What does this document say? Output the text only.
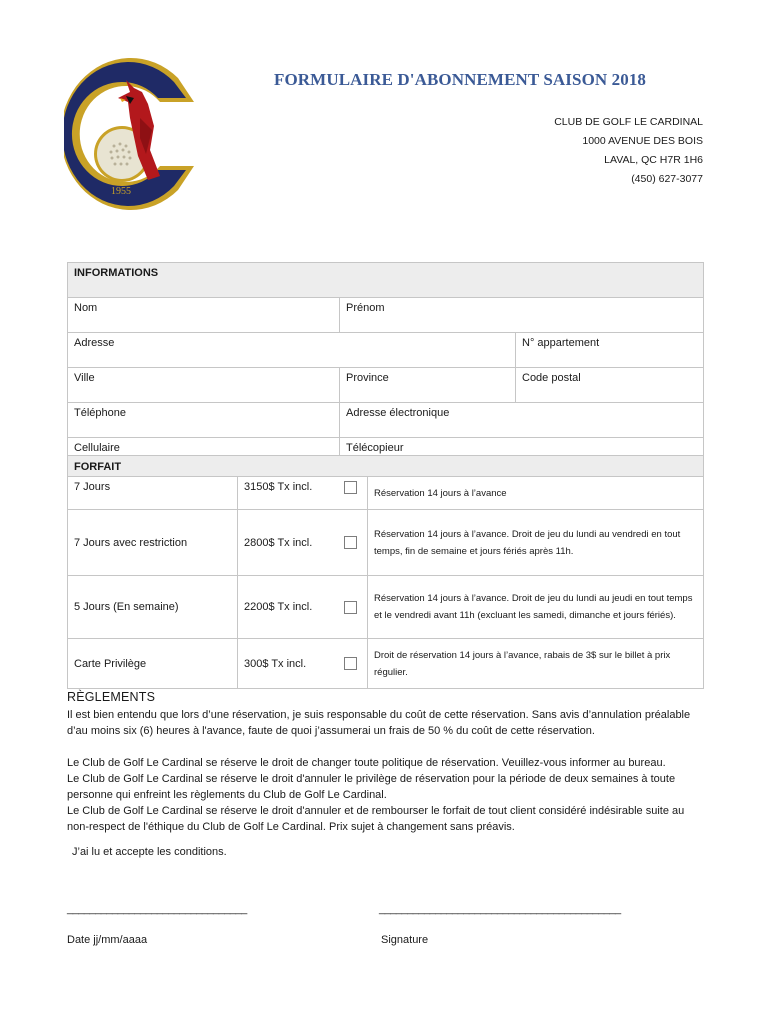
1955
FORMULAIRE D'ABONNEMENT SAISON 2018
CLUB DE GOLF LE CARDINAL
1000 AVENUE DES BOIS
LAVAL, QC H7R 1H6
(450) 627-3077
INFORMATIONS		
Nom	Prénom	
Adresse		N° appartement
Ville	Province	Code postal
Téléphone	Adresse électronique	
Cellulaire	Télécopieur	
FORFAIT			
7 Jours	3150$ Tx incl.		Réservation 14 jours à l’avance
7 Jours avec restriction	2800$ Tx incl.		Réservation 14 jours à l’avance. Droit de jeu du lundi au vendredi en tout temps, fin de semaine et jours fériés après 11h.
5 Jours (En semaine)	2200$ Tx incl.		Réservation 14 jours à l’avance. Droit de jeu du lundi au jeudi en tout temps et le vendredi avant 11h (excluant les samedi, dimanche et jours fériés).
Carte Privilège	300$ Tx incl.		Droit de réservation 14 jours à l’avance, rabais de 3$ sur le billet à prix régulier.
RÈGLEMENTS

Il est bien entendu que lors d’une réservation, je suis responsable du coût de cette réservation. Sans avis d’annulation préalable d’au moins six (6) heures à l'avance, faute de quoi j’assumerai un frais de 50 % du coût de cette réservation.

Le Club de Golf Le Cardinal se réserve le droit de changer toute politique de réservation. Veuillez-vous informer au bureau.

Le Club de Golf Le Cardinal se réserve le droit d'annuler le privilège de réservation pour la période de deux semaines à toute personne qui enfreint les règlements du Club de Golf Le Cardinal.

Le Club de Golf Le Cardinal se réserve le droit d'annuler et de rembourser le forfait de tout client considéré indésirable suite au non-respect de l'éthique du Club de Golf Le Cardinal. Prix sujet à changement sans préavis.

J’ai lu et accepte les conditions.
________________________________	___________________________________________
Date jj/mm/aaaa	Signature
